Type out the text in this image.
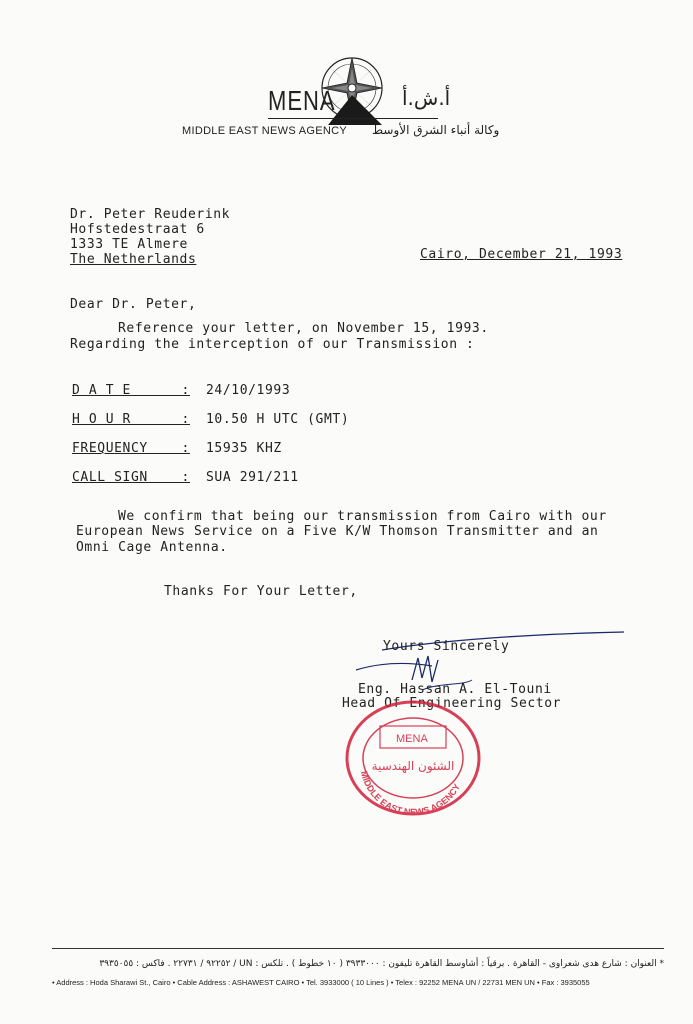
MENA	أ.ش.أ
MIDDLE EAST NEWS AGENCY وكالة أنباء الشرق الأوسط
Dr. Peter Reuderink
Hofstedestraat 6
1333 TE Almere
The Netherlands	Cairo, December 21, 1993
Dear Dr. Peter,
Reference your letter, on November 15, 1993.
Regarding the interception of our Transmission :
D A T E      : 24/10/1993
H O U R      : 10.50 H UTC (GMT)
FREQUENCY    : 15935 KHZ
CALL SIGN    : SUA 291/211
We confirm that being our transmission from Cairo with our
European News Service on a Five K/W Thomson Transmitter and an
Omni Cage Antenna.
Thanks For Your Letter,
Yours Sincerely
Eng. Hassan A. El-Touni
Head Of Engineering Sector
MENA
الشئون الهندسية
MIDDLE EAST NEWS AGENCY
* العنوان : شارع هدى شعراوى - القاهرة . برقياً : أشاوسط القاهرة تليفون : ٣٩٣٣٠٠٠ ( ١٠ خطوط ) . تلكس : UN / ٩٢٢٥٢ / ٢٢٧٣١ . فاكس : ٣٩٣٥٠٥٥
• Address : Hoda Sharawi St., Cairo • Cable Address : ASHAWEST CAIRO • Tel. 3933000 ( 10 Lines ) • Telex : 92252 MENA UN / 22731 MEN UN • Fax : 3935055
